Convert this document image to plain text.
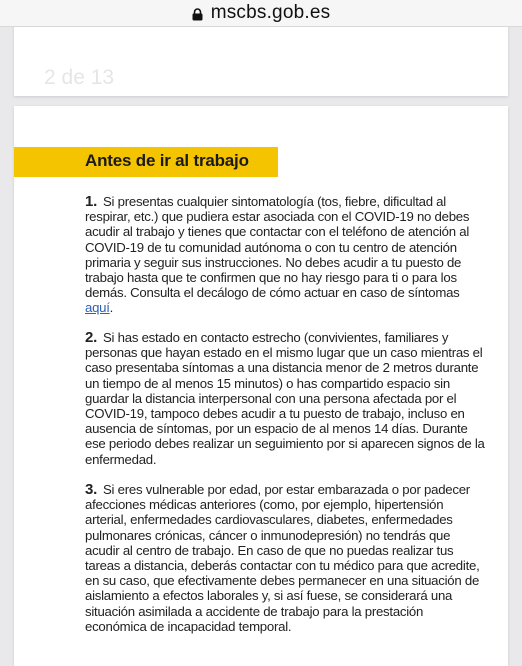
mscbs.gob.es
2 de 13
Antes de ir al trabajo
1. Si presentas cualquier sintomatología (tos, fiebre, dificultad al respirar, etc.) que pudiera estar asociada con el COVID-19 no debes acudir al trabajo y tienes que contactar con el teléfono de atención al COVID-19 de tu comunidad autónoma o con tu centro de atención primaria y seguir sus instrucciones. No debes acudir a tu puesto de trabajo hasta que te confirmen que no hay riesgo para ti o para los demás. Consulta el decálogo de cómo actuar en caso de síntomas aquí.
2. Si has estado en contacto estrecho (convivientes, familiares y personas que hayan estado en el mismo lugar que un caso mientras el caso presentaba síntomas a una distancia menor de 2 metros durante un tiempo de al menos 15 minutos) o has compartido espacio sin guardar la distancia interpersonal con una persona afectada por el COVID-19, tampoco debes acudir a tu puesto de trabajo, incluso en ausencia de síntomas, por un espacio de al menos 14 días. Durante ese periodo debes realizar un seguimiento por si aparecen signos de la enfermedad.
3. Si eres vulnerable por edad, por estar embarazada o por padecer afecciones médicas anteriores (como, por ejemplo, hipertensión arterial, enfermedades cardiovasculares, diabetes, enfermedades pulmonares crónicas, cáncer o inmunodepresión) no tendrás que acudir al centro de trabajo. En caso de que no puedas realizar tus tareas a distancia, deberás contactar con tu médico para que acredite, en su caso, que efectivamente debes permanecer en una situación de aislamiento a efectos laborales y, si así fuese, se considerará una situación asimilada a accidente de trabajo para la prestación económica de incapacidad temporal.
